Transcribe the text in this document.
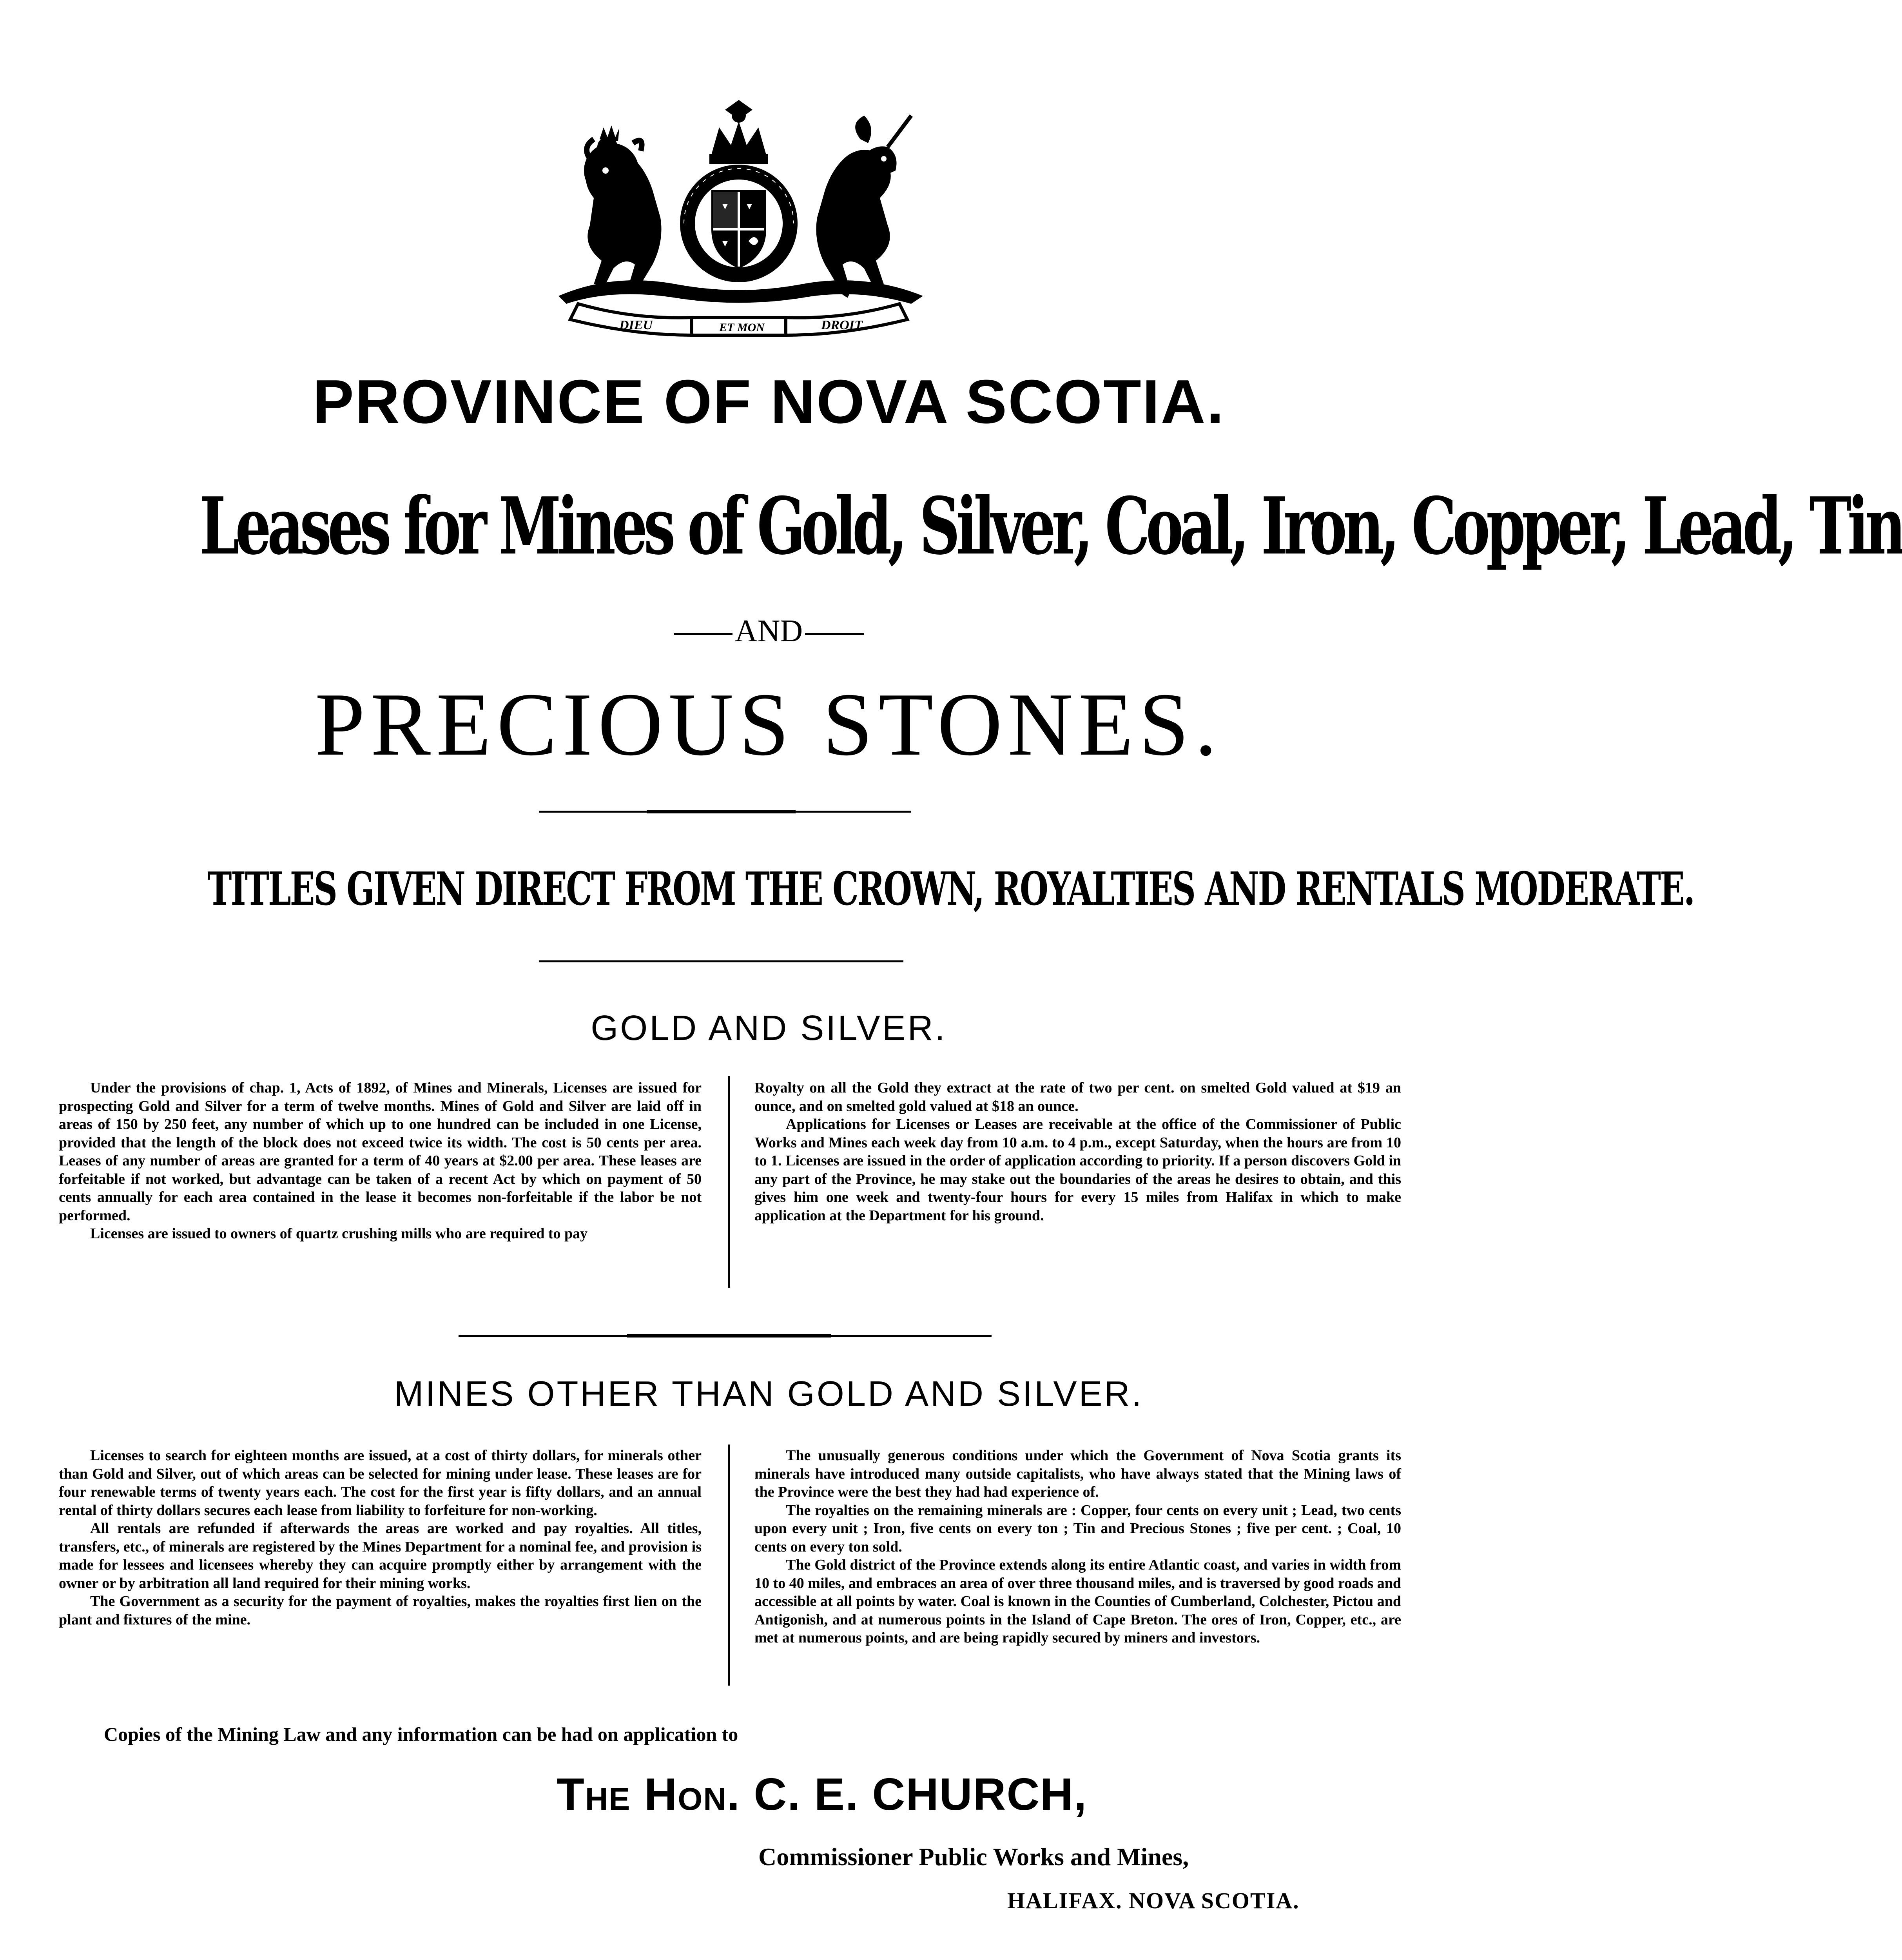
DIEU	ET MON	DROIT
PROVINCE OF NOVA SCOTIA.
Leases for Mines of Gold, Silver, Coal, Iron, Copper, Lead, Tin
AND
PRECIOUS STONES.
TITLES GIVEN DIRECT FROM THE CROWN, ROYALTIES AND RENTALS MODERATE.
GOLD AND SILVER.

Under the provisions of chap. 1, Acts of 1892, of Mines and Minerals, Licenses are issued for prospecting Gold and Silver for a term of twelve months. Mines of Gold and Silver are laid off in areas of 150 by 250 feet, any number of which up to one hundred can be included in one License, provided that the length of the block does not exceed twice its width. The cost is 50 cents per area. Leases of any number of areas are granted for a term of 40 years at $2.00 per area. These leases are forfeitable if not worked, but advantage can be taken of a recent Act by which on payment of 50 cents annually for each area contained in the lease it becomes non-forfeitable if the labor be not performed.

Licenses are issued to owners of quartz crushing mills who are required to pay

Royalty on all the Gold they extract at the rate of two per cent. on smelted Gold valued at $19 an ounce, and on smelted gold valued at $18 an ounce.

Applications for Licenses or Leases are receivable at the office of the Commissioner of Public Works and Mines each week day from 10 a.m. to 4 p.m., except Saturday, when the hours are from 10 to 1. Licenses are issued in the order of application according to priority. If a person discovers Gold in any part of the Province, he may stake out the boundaries of the areas he desires to obtain, and this gives him one week and twenty-four hours for every 15 miles from Halifax in which to make application at the Department for his ground.

MINES OTHER THAN GOLD AND SILVER.

Licenses to search for eighteen months are issued, at a cost of thirty dollars, for minerals other than Gold and Silver, out of which areas can be selected for mining under lease. These leases are for four renewable terms of twenty years each. The cost for the first year is fifty dollars, and an annual rental of thirty dollars secures each lease from liability to forfeiture for non-working.

All rentals are refunded if afterwards the areas are worked and pay royalties. All titles, transfers, etc., of minerals are registered by the Mines Department for a nominal fee, and provision is made for lessees and licensees whereby they can acquire promptly either by arrangement with the owner or by arbitration all land required for their mining works.

The Government as a security for the payment of royalties, makes the royalties first lien on the plant and fixtures of the mine.

The unusually generous conditions under which the Government of Nova Scotia grants its minerals have introduced many outside capitalists, who have always stated that the Mining laws of the Province were the best they had had experience of.

The royalties on the remaining minerals are : Copper, four cents on every unit ; Lead, two cents upon every unit ; Iron, five cents on every ton ; Tin and Precious Stones ; five per cent. ; Coal, 10 cents on every ton sold.

The Gold district of the Province extends along its entire Atlantic coast, and varies in width from 10 to 40 miles, and embraces an area of over three thousand miles, and is traversed by good roads and accessible at all points by water. Coal is known in the Counties of Cumberland, Colchester, Pictou and Antigonish, and at numerous points in the Island of Cape Breton. The ores of Iron, Copper, etc., are met at numerous points, and are being rapidly secured by miners and investors.

Copies of the Mining Law and any information can be had on application to
The Hon. C. E. CHURCH,
Commissioner Public Works and Mines,
HALIFAX. NOVA SCOTIA.
